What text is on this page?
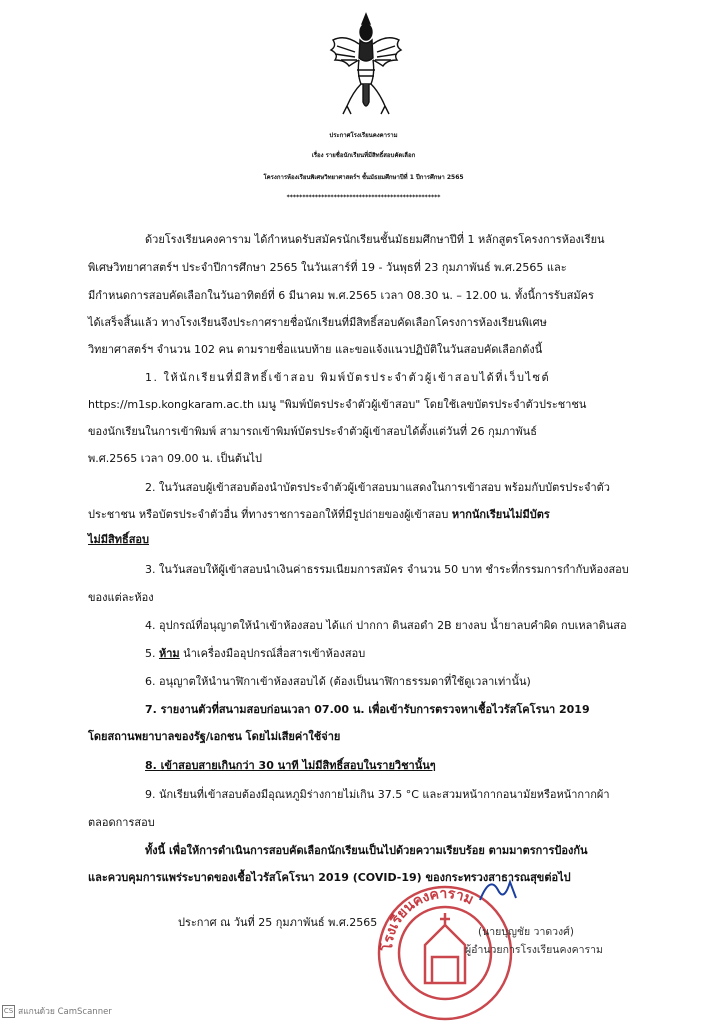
ประกาศโรงเรียนคงคาราม
เรื่อง รายชื่อนักเรียนที่มีสิทธิ์สอบคัดเลือก
โครงการห้องเรียนพิเศษวิทยาศาสตร์ฯ ชั้นมัธยมศึกษาปีที่ 1 ปีการศึกษา 2565
*************************************************
ด้วยโรงเรียนคงคาราม ได้กำหนดรับสมัครนักเรียนชั้นมัธยมศึกษาปีที่ 1 หลักสูตรโครงการห้องเรียน
พิเศษวิทยาศาสตร์ฯ ประจำปีการศึกษา 2565 ในวันเสาร์ที่ 19 - วันพุธที่ 23 กุมภาพันธ์ พ.ศ.2565 และ
มีกำหนดการสอบคัดเลือกในวันอาทิตย์ที่ 6 มีนาคม พ.ศ.2565 เวลา 08.30 น. – 12.00 น. ทั้งนี้การรับสมัคร
ได้เสร็จสิ้นแล้ว ทางโรงเรียนจึงประกาศรายชื่อนักเรียนที่มีสิทธิ์สอบคัดเลือกโครงการห้องเรียนพิเศษ
วิทยาศาสตร์ฯ จำนวน 102 คน ตามรายชื่อแนบท้าย และขอแจ้งแนวปฏิบัติในวันสอบคัดเลือกดังนี้
1. ให้นักเรียนที่มีสิทธิ์เข้าสอบ พิมพ์บัตรประจำตัวผู้เข้าสอบได้ที่เว็บไซต์
https://m1sp.kongkaram.ac.th เมนู "พิมพ์บัตรประจำตัวผู้เข้าสอบ" โดยใช้เลขบัตรประจำตัวประชาชน
ของนักเรียนในการเข้าพิมพ์ สามารถเข้าพิมพ์บัตรประจำตัวผู้เข้าสอบได้ตั้งแต่วันที่ 26 กุมภาพันธ์
พ.ศ.2565 เวลา 09.00 น. เป็นต้นไป
2. ในวันสอบผู้เข้าสอบต้องนำบัตรประจำตัวผู้เข้าสอบมาแสดงในการเข้าสอบ พร้อมกับบัตรประจำตัว
ประชาชน หรือบัตรประจำตัวอื่น ที่ทางราชการออกให้ที่มีรูปถ่ายของผู้เข้าสอบ หากนักเรียนไม่มีบัตร
ไม่มีสิทธิ์สอบ
3. ในวันสอบให้ผู้เข้าสอบนำเงินค่าธรรมเนียมการสมัคร จำนวน 50 บาท ชำระที่กรรมการกำกับห้องสอบ
ของแต่ละห้อง
4. อุปกรณ์ที่อนุญาตให้นำเข้าห้องสอบ ได้แก่ ปากกา ดินสอดำ 2B ยางลบ น้ำยาลบคำผิด กบเหลาดินสอ
5. ห้าม นำเครื่องมืออุปกรณ์สื่อสารเข้าห้องสอบ
6. อนุญาตให้นำนาฬิกาเข้าห้องสอบได้ (ต้องเป็นนาฬิกาธรรมดาที่ใช้ดูเวลาเท่านั้น)
7. รายงานตัวที่สนามสอบก่อนเวลา 07.00 น. เพื่อเข้ารับการตรวจหาเชื้อไวรัสโคโรนา 2019
โดยสถานพยาบาลของรัฐ/เอกชน โดยไม่เสียค่าใช้จ่าย
8. เข้าสอบสายเกินกว่า 30 นาที ไม่มีสิทธิ์สอบในรายวิชานั้นๆ
9. นักเรียนที่เข้าสอบต้องมีอุณหภูมิร่างกายไม่เกิน 37.5 °C และสวมหน้ากากอนามัยหรือหน้ากากผ้า
ตลอดการสอบ
ทั้งนี้ เพื่อให้การดำเนินการสอบคัดเลือกนักเรียนเป็นไปด้วยความเรียบร้อย ตามมาตรการป้องกัน
และควบคุมการแพร่ระบาดของเชื้อไวรัสโคโรนา 2019 (COVID-19) ของกระทรวงสาธารณสุขต่อไป
ประกาศ ณ วันที่ 25 กุมภาพันธ์ พ.ศ.2565
โรงเรียนคงคาราม
(นายบุญชัย วาดวงศ์)
ผู้อำนวยการโรงเรียนคงคาราม
CS สแกนด้วย CamScanner
